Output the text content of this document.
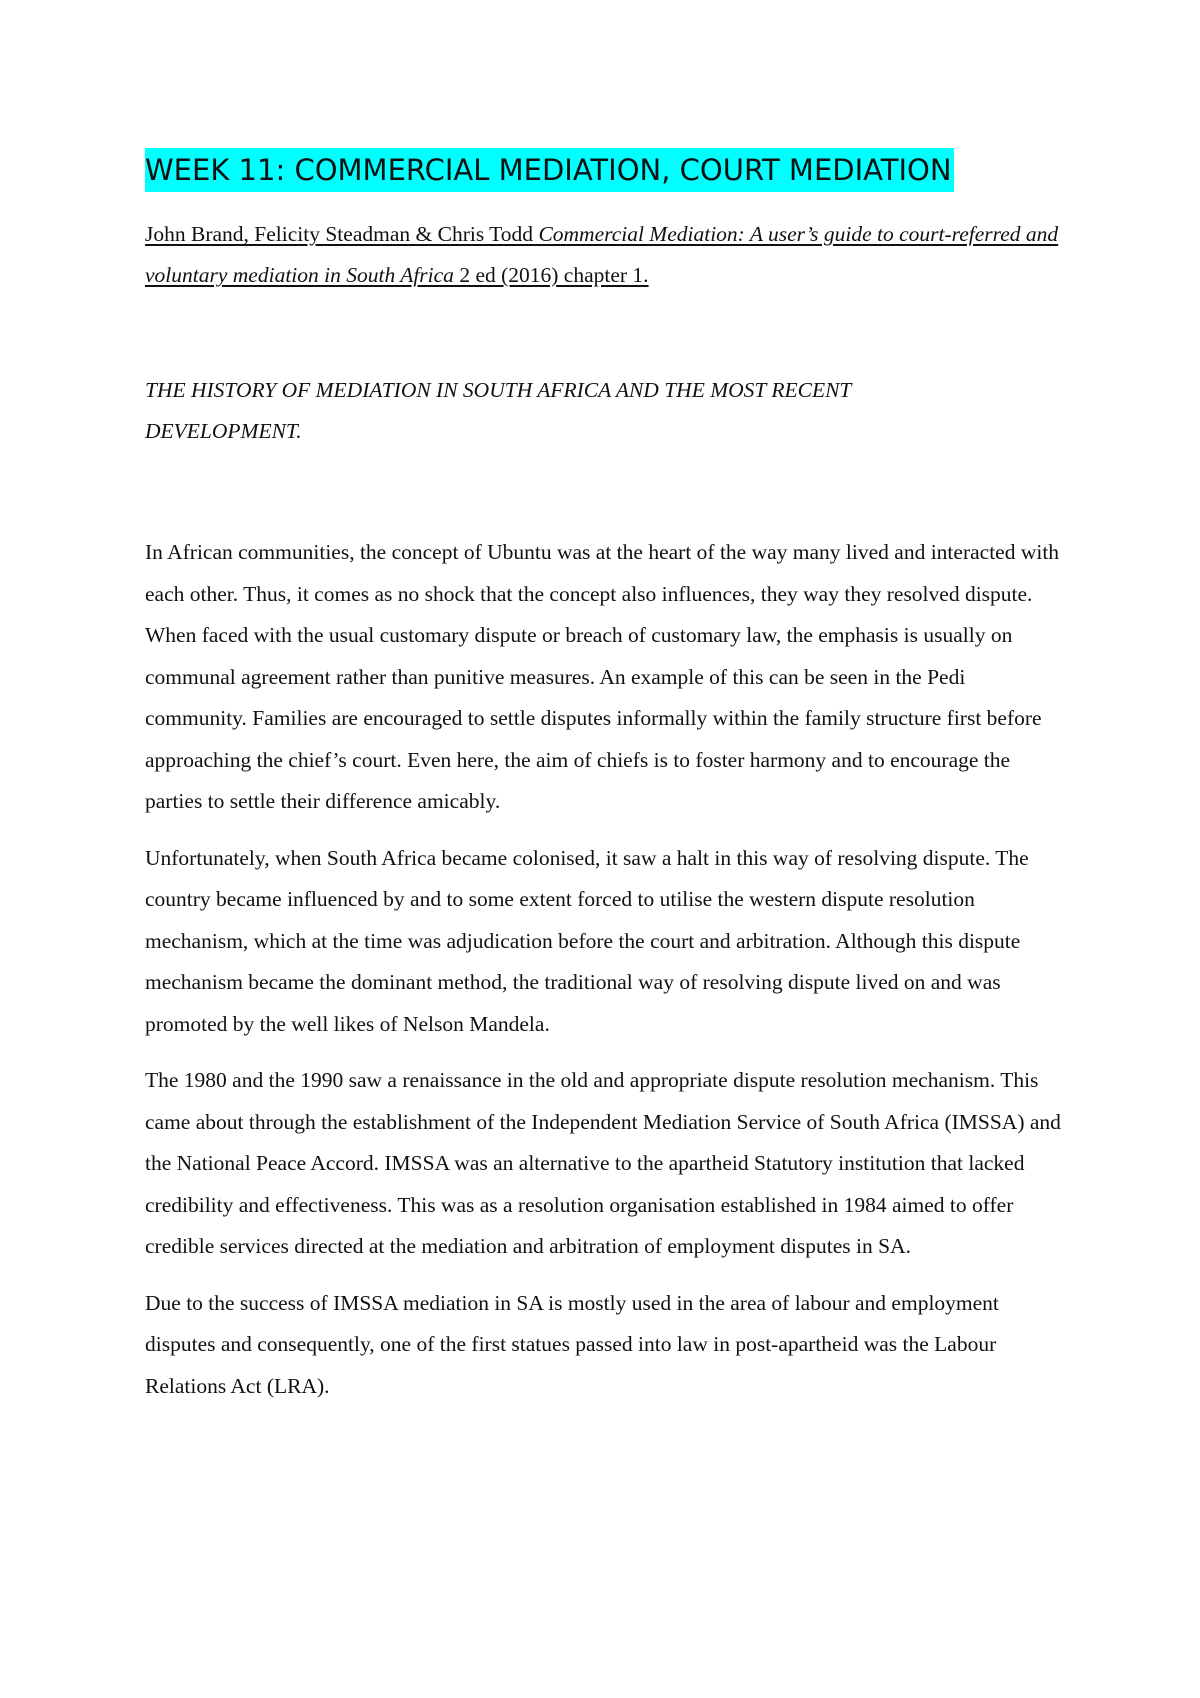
WEEK 11: COMMERCIAL MEDIATION, COURT MEDIATION
John Brand, Felicity Steadman & Chris Todd Commercial Mediation: A user’s guide to court-referred and voluntary mediation in South Africa 2 ed (2016) chapter 1.
THE HISTORY OF MEDIATION IN SOUTH AFRICA AND THE MOST RECENT DEVELOPMENT.

In African communities, the concept of Ubuntu was at the heart of the way many lived and interacted with each other. Thus, it comes as no shock that the concept also influences, they way they resolved dispute. When faced with the usual customary dispute or breach of customary law, the emphasis is usually on communal agreement rather than punitive measures. An example of this can be seen in the Pedi community. Families are encouraged to settle disputes informally within the family structure first before approaching the chief’s court. Even here, the aim of chiefs is to foster harmony and to encourage the parties to settle their difference amicably.

Unfortunately, when South Africa became colonised, it saw a halt in this way of resolving dispute. The country became influenced by and to some extent forced to utilise the western dispute resolution mechanism, which at the time was adjudication before the court and arbitration. Although this dispute mechanism became the dominant method, the traditional way of resolving dispute lived on and was promoted by the well likes of Nelson Mandela.

The 1980 and the 1990 saw a renaissance in the old and appropriate dispute resolution mechanism. This came about through the establishment of the Independent Mediation Service of South Africa (IMSSA) and the National Peace Accord. IMSSA was an alternative to the apartheid Statutory institution that lacked credibility and effectiveness. This was as a resolution organisation established in 1984 aimed to offer credible services directed at the mediation and arbitration of employment disputes in SA.

Due to the success of IMSSA mediation in SA is mostly used in the area of labour and employment disputes and consequently, one of the first statues passed into law in post-apartheid was the Labour Relations Act (LRA).
